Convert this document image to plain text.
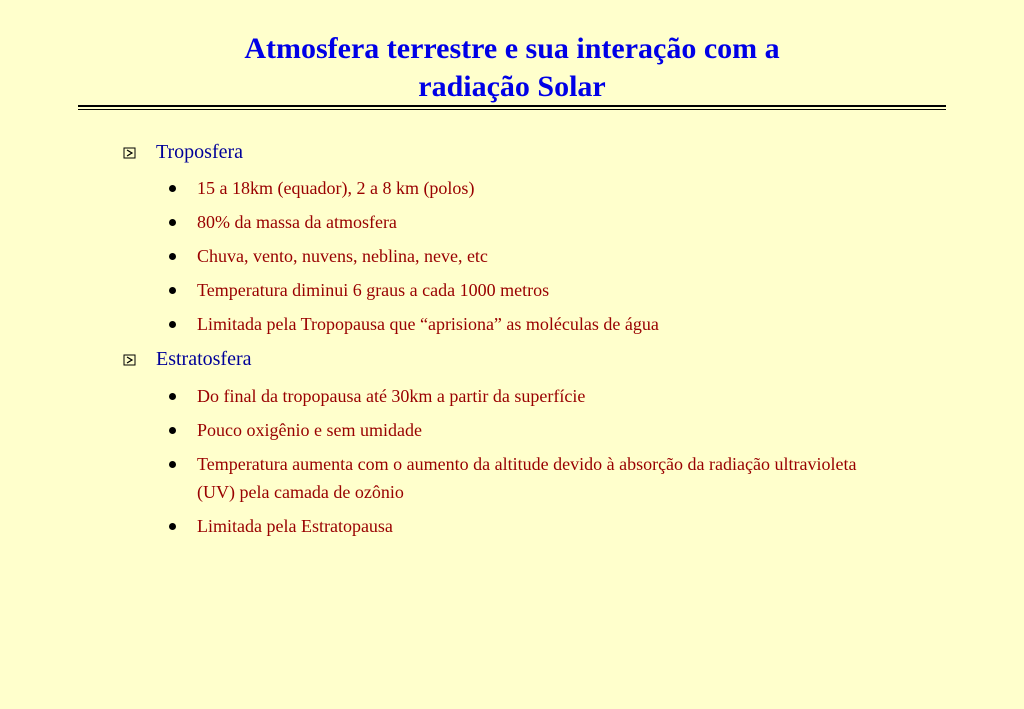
Atmosfera terrestre e sua interação com a
radiação Solar
Troposfera
15 a 18km (equador), 2 a 8 km (polos)
80% da massa da atmosfera
Chuva, vento, nuvens, neblina, neve, etc
Temperatura diminui 6 graus a cada 1000 metros
Limitada pela Tropopausa que “aprisiona” as moléculas de água
Estratosfera
Do final da tropopausa até 30km a partir da superfície
Pouco oxigênio e sem umidade
Temperatura aumenta com o aumento da altitude devido à absorção da radiação ultravioleta (UV) pela camada de ozônio
Limitada pela Estratopausa
